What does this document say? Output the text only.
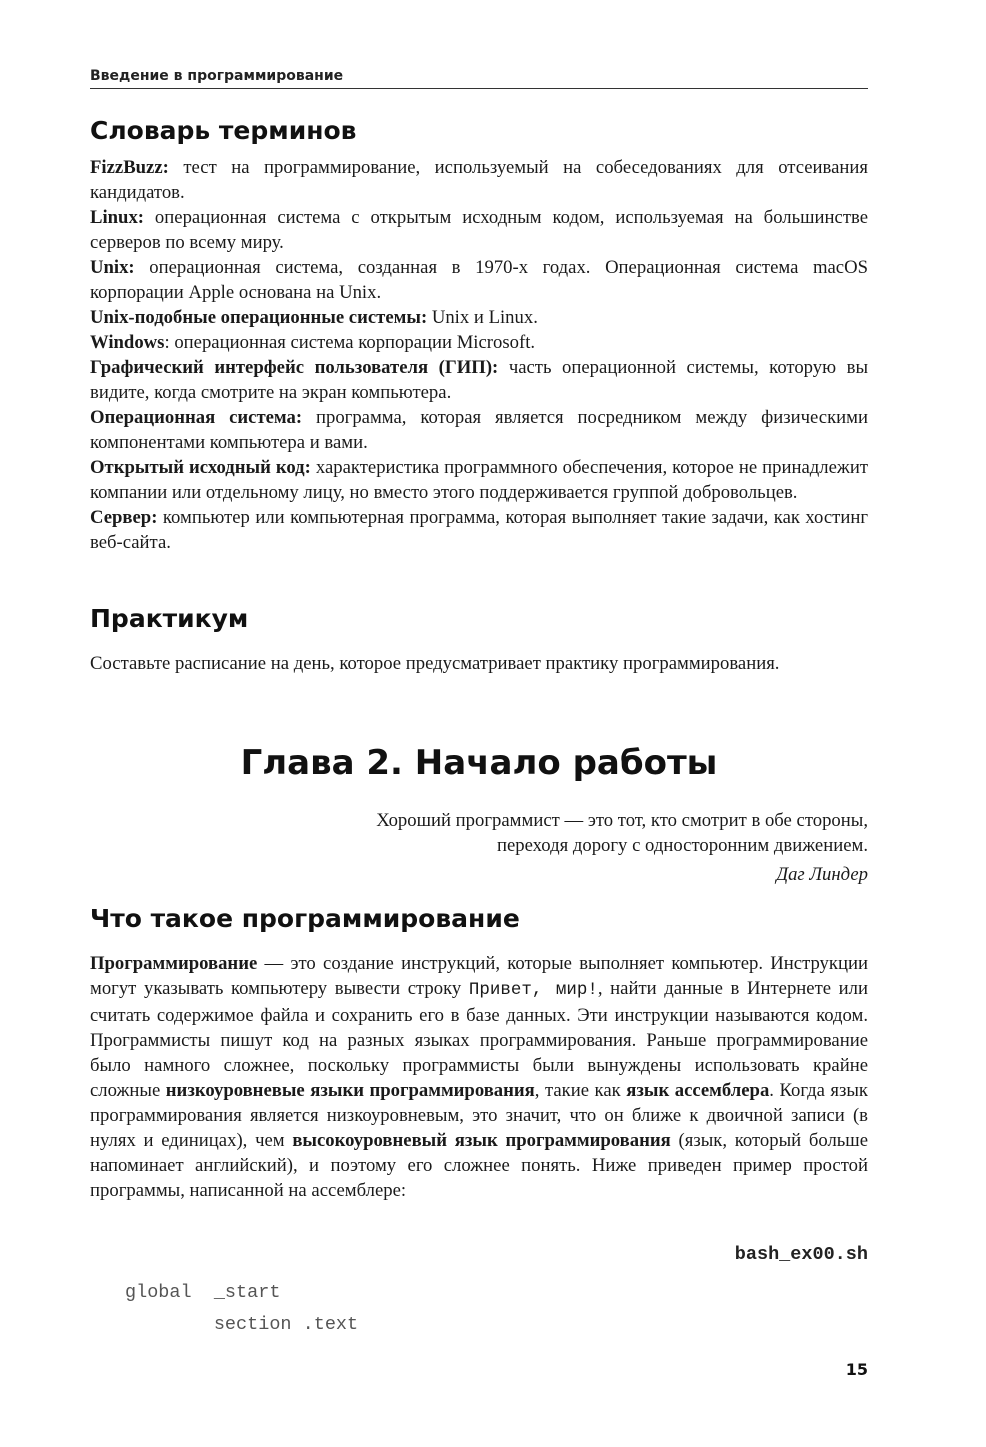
Введение в программирование
Словарь терминов

FizzBuzz: тест на программирование, используемый на собеседованиях для отсеивания кандидатов.

Linux: операционная система с открытым исходным кодом, используемая на большинстве серверов по всему миру.

Unix: операционная система, созданная в 1970-х годах. Операционная система macOS корпорации Apple основана на Unix.

Unix-подобные операционные системы: Unix и Linux.

Windows: операционная система корпорации Microsoft.

Графический интерфейс пользователя (ГИП): часть операционной системы, которую вы видите, когда смотрите на экран компьютера.

Операционная система: программа, которая является посредником между физическими компонентами компьютера и вами.

Открытый исходный код: характеристика программного обеспечения, которое не принадлежит компании или отдельному лицу, но вместо этого поддерживается группой добровольцев.

Сервер: компьютер или компьютерная программа, которая выполняет такие задачи, как хостинг веб-сайта.

Практикум

Составьте расписание на день, которое предусматривает практику программирования.

Глава 2. Начало работы

Хороший программист — это тот, кто смотрит в обе стороны,

переходя дорогу с односторонним движением.

Даг Линдер

Что такое программирование

Программирование — это создание инструкций, которые выполняет компьютер. Инструкции могут указывать компьютеру вывести строку Привет, мир!, найти данные в Интернете или считать содержимое файла и сохранить его в базе данных. Эти инструкции называются кодом. Программисты пишут код на разных языках программирования. Раньше программирование было намного сложнее, поскольку программисты были вынуждены использовать крайне сложные низкоуровневые языки программирования, такие как язык ассемблера. Когда язык программирования является низкоуровневым, это значит, что он ближе к двоичной записи (в нулях и единицах), чем высокоуровневый язык программирования (язык, который больше напоминает английский), и поэтому его сложнее понять. Ниже приведен пример простой программы, написанной на ассемблере:

bash_ex00.sh
global  _start
section .text
15
